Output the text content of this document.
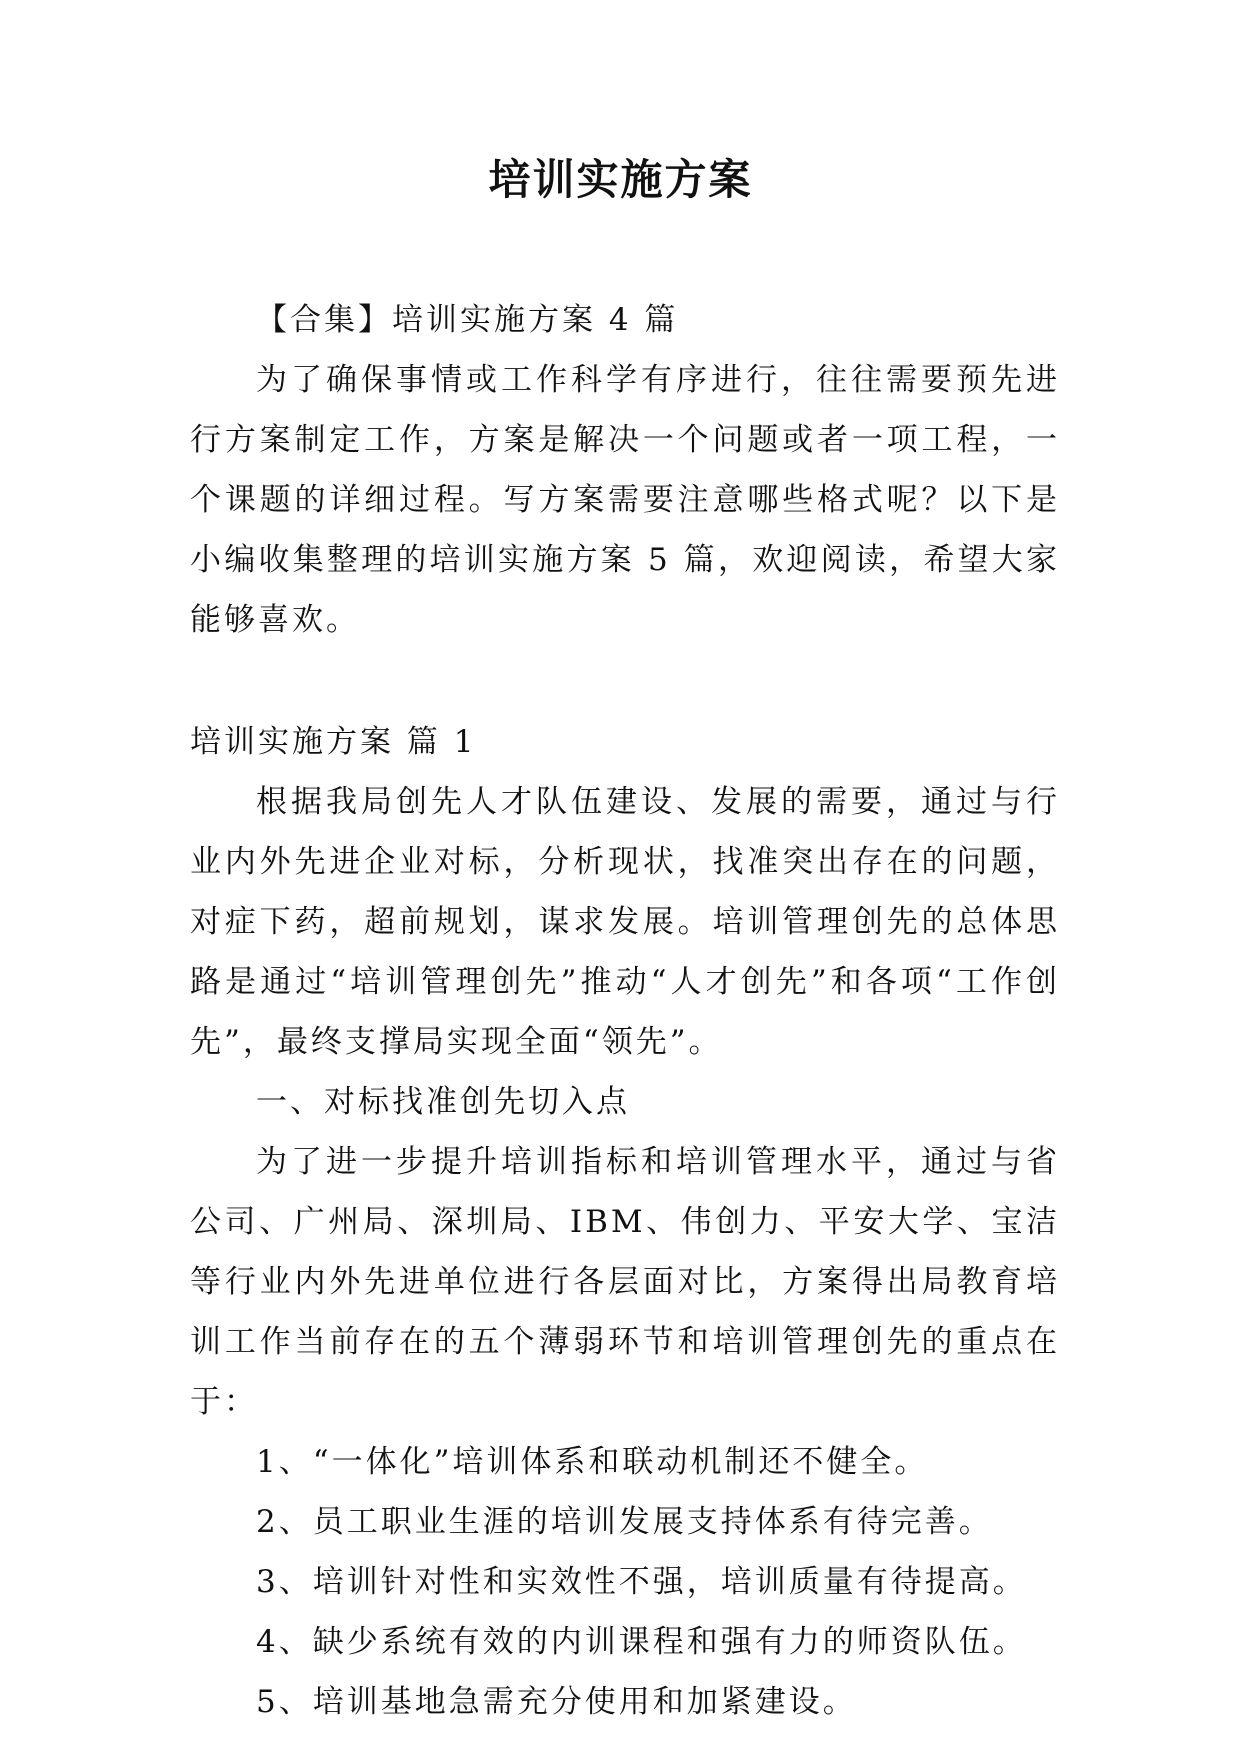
培训实施方案

【合集】培训实施方案 4 篇

为了确保事情或工作科学有序进行，往往需要预先进行方案制定工作，方案是解决一个问题或者一项工程，一个课题的详细过程。写方案需要注意哪些格式呢？以下是小编收集整理的培训实施方案 5 篇，欢迎阅读，希望大家能够喜欢。

培训实施方案 篇 1

根据我局创先人才队伍建设、发展的需要，通过与行业内外先进企业对标，分析现状，找准突出存在的问题，对症下药，超前规划，谋求发展。培训管理创先的总体思路是通过“培训管理创先”推动“人才创先”和各项“工作创先”，最终支撑局实现全面“领先”。

一、对标找准创先切入点

为了进一步提升培训指标和培训管理水平，通过与省公司、广州局、深圳局、IBM、伟创力、平安大学、宝洁等行业内外先进单位进行各层面对比，方案得出局教育培训工作当前存在的五个薄弱环节和培训管理创先的重点在于：

1、“一体化”培训体系和联动机制还不健全。

2、员工职业生涯的培训发展支持体系有待完善。

3、培训针对性和实效性不强，培训质量有待提高。

4、缺少系统有效的内训课程和强有力的师资队伍。

5、培训基地急需充分使用和加紧建设。
